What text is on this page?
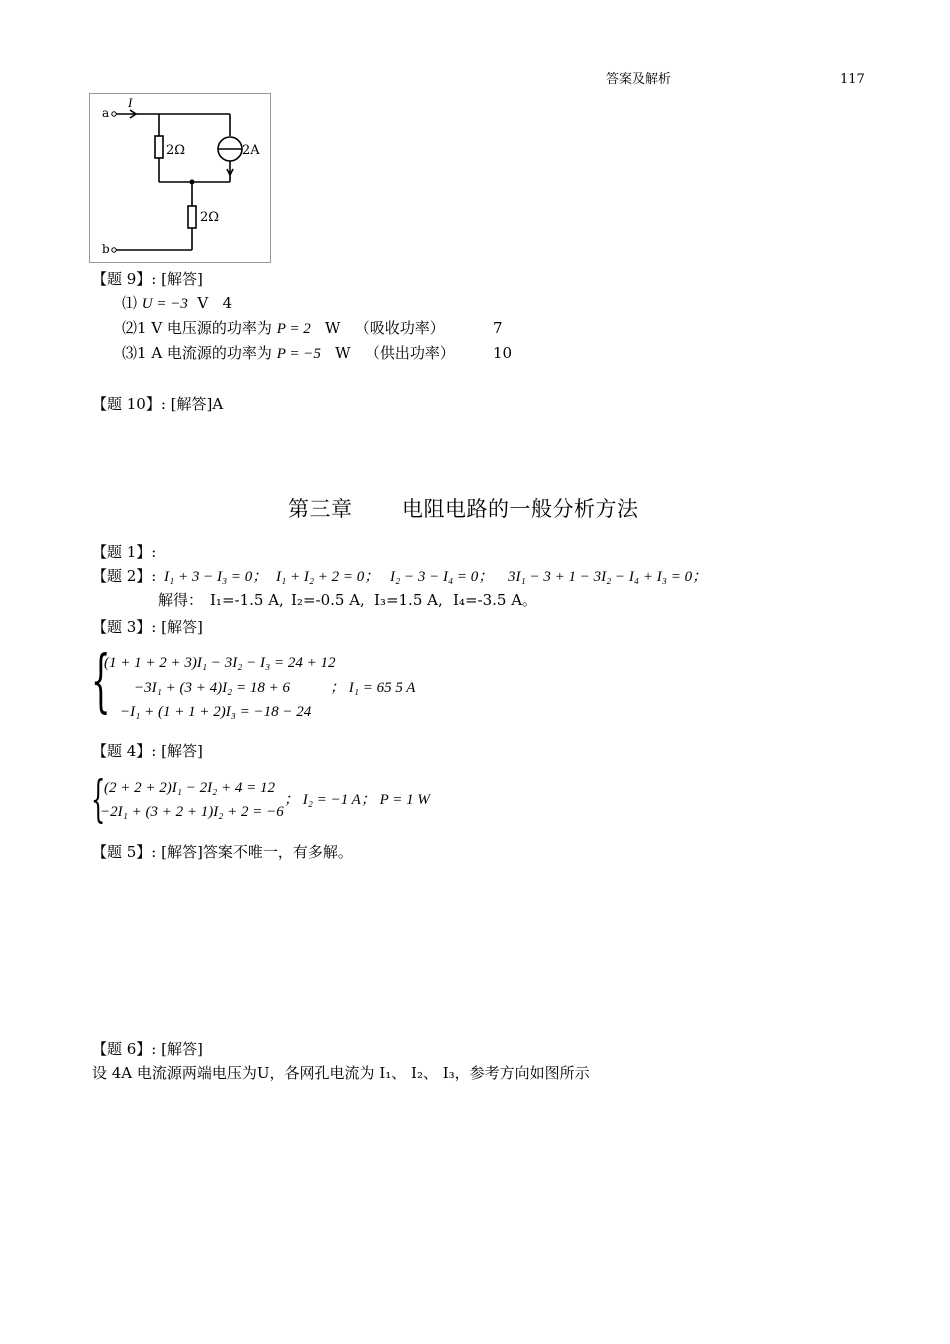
答案及解析	117
I
a
b
2Ω	2A
2Ω
【题 9】: [解答]
⑴ U = −3 V 4
⑵1 V 电压源的功率为 P = 2 W （吸收功率）	7
⑶1 A 电流源的功率为 P = −5 W （供出功率）	10
【题 10】: [解答]A
第三章 电阻电路的一般分析方法
【题 1】:
【题 2】: I₁ + 3 − I₃ = 0； I₁ + I₂ + 2 = 0； I₂ − 3 − I₄ = 0； 3I₁ − 3 + 1 − 3I₂ − I₄ + I₃ = 0；
解得： I₁=-1.5 A, I₂=-0.5 A, I₃=1.5 A, I₄=-3.5 A。
【题 3】: [解答]
{
(1 + 1 + 2 + 3)I₁ − 3I₂ − I₃ = 24 + 12
−3I₁ + (3 + 4)I₂ = 18 + 6
−I₁ + (1 + 1 + 2)I₃ = −18 − 24
； I₁ = 65 5 A
【题 4】: [解答]
{
(2 + 2 + 2)I₁ − 2I₂ + 4 = 12
−2I₁ + (3 + 2 + 1)I₂ + 2 = −6
； I₂ = −1 A； P = 1 W
【题 5】: [解答]答案不唯一，有多解。
【题 6】: [解答]
设 4A 电流源两端电压为U，各网孔电流为 I₁、 I₂、 I₃，参考方向如图所示
